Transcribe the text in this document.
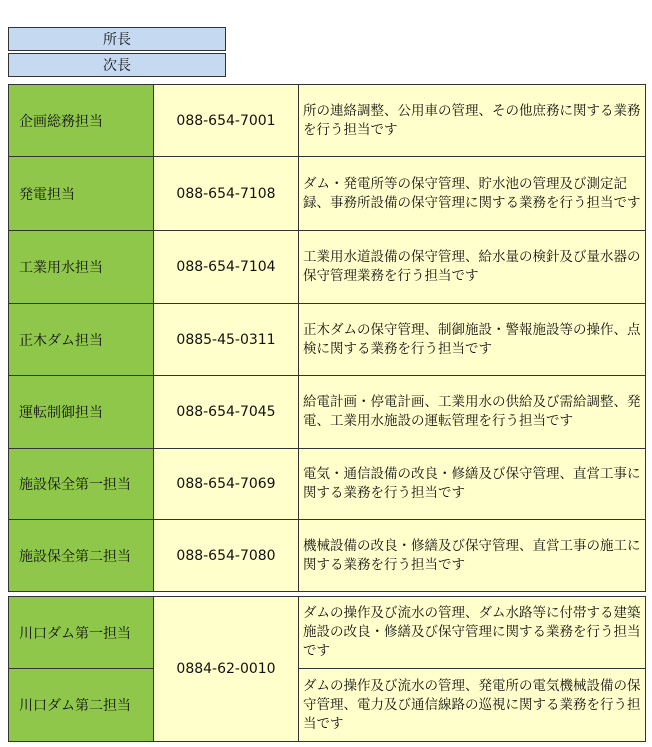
所長
次長
企画総務担当	088-654-7001	所の連絡調整、公用車の管理、その他庶務に関する業務を行う担当です
発電担当	088-654-7108	ダム・発電所等の保守管理、貯水池の管理及び測定記録、事務所設備の保守管理に関する業務を行う担当です
工業用水担当	088-654-7104	工業用水道設備の保守管理、給水量の検針及び量水器の保守管理業務を行う担当です
正木ダム担当	0885-45-0311	正木ダムの保守管理、制御施設・警報施設等の操作、点検に関する業務を行う担当です
運転制御担当	088-654-7045	給電計画・停電計画、工業用水の供給及び需給調整、発電、工業用水施設の運転管理を行う担当です
施設保全第一担当	088-654-7069	電気・通信設備の改良・修繕及び保守管理、直営工事に関する業務を行う担当です
施設保全第二担当	088-654-7080	機械設備の改良・修繕及び保守管理、直営工事の施工に関する業務を行う担当です
川口ダム第一担当	0884-62-0010	ダムの操作及び流水の管理、ダム水路等に付帯する建築施設の改良・修繕及び保守管理に関する業務を行う担当です
川口ダム第二担当		ダムの操作及び流水の管理、発電所の電気機械設備の保守管理、電力及び通信線路の巡視に関する業務を行う担当です
